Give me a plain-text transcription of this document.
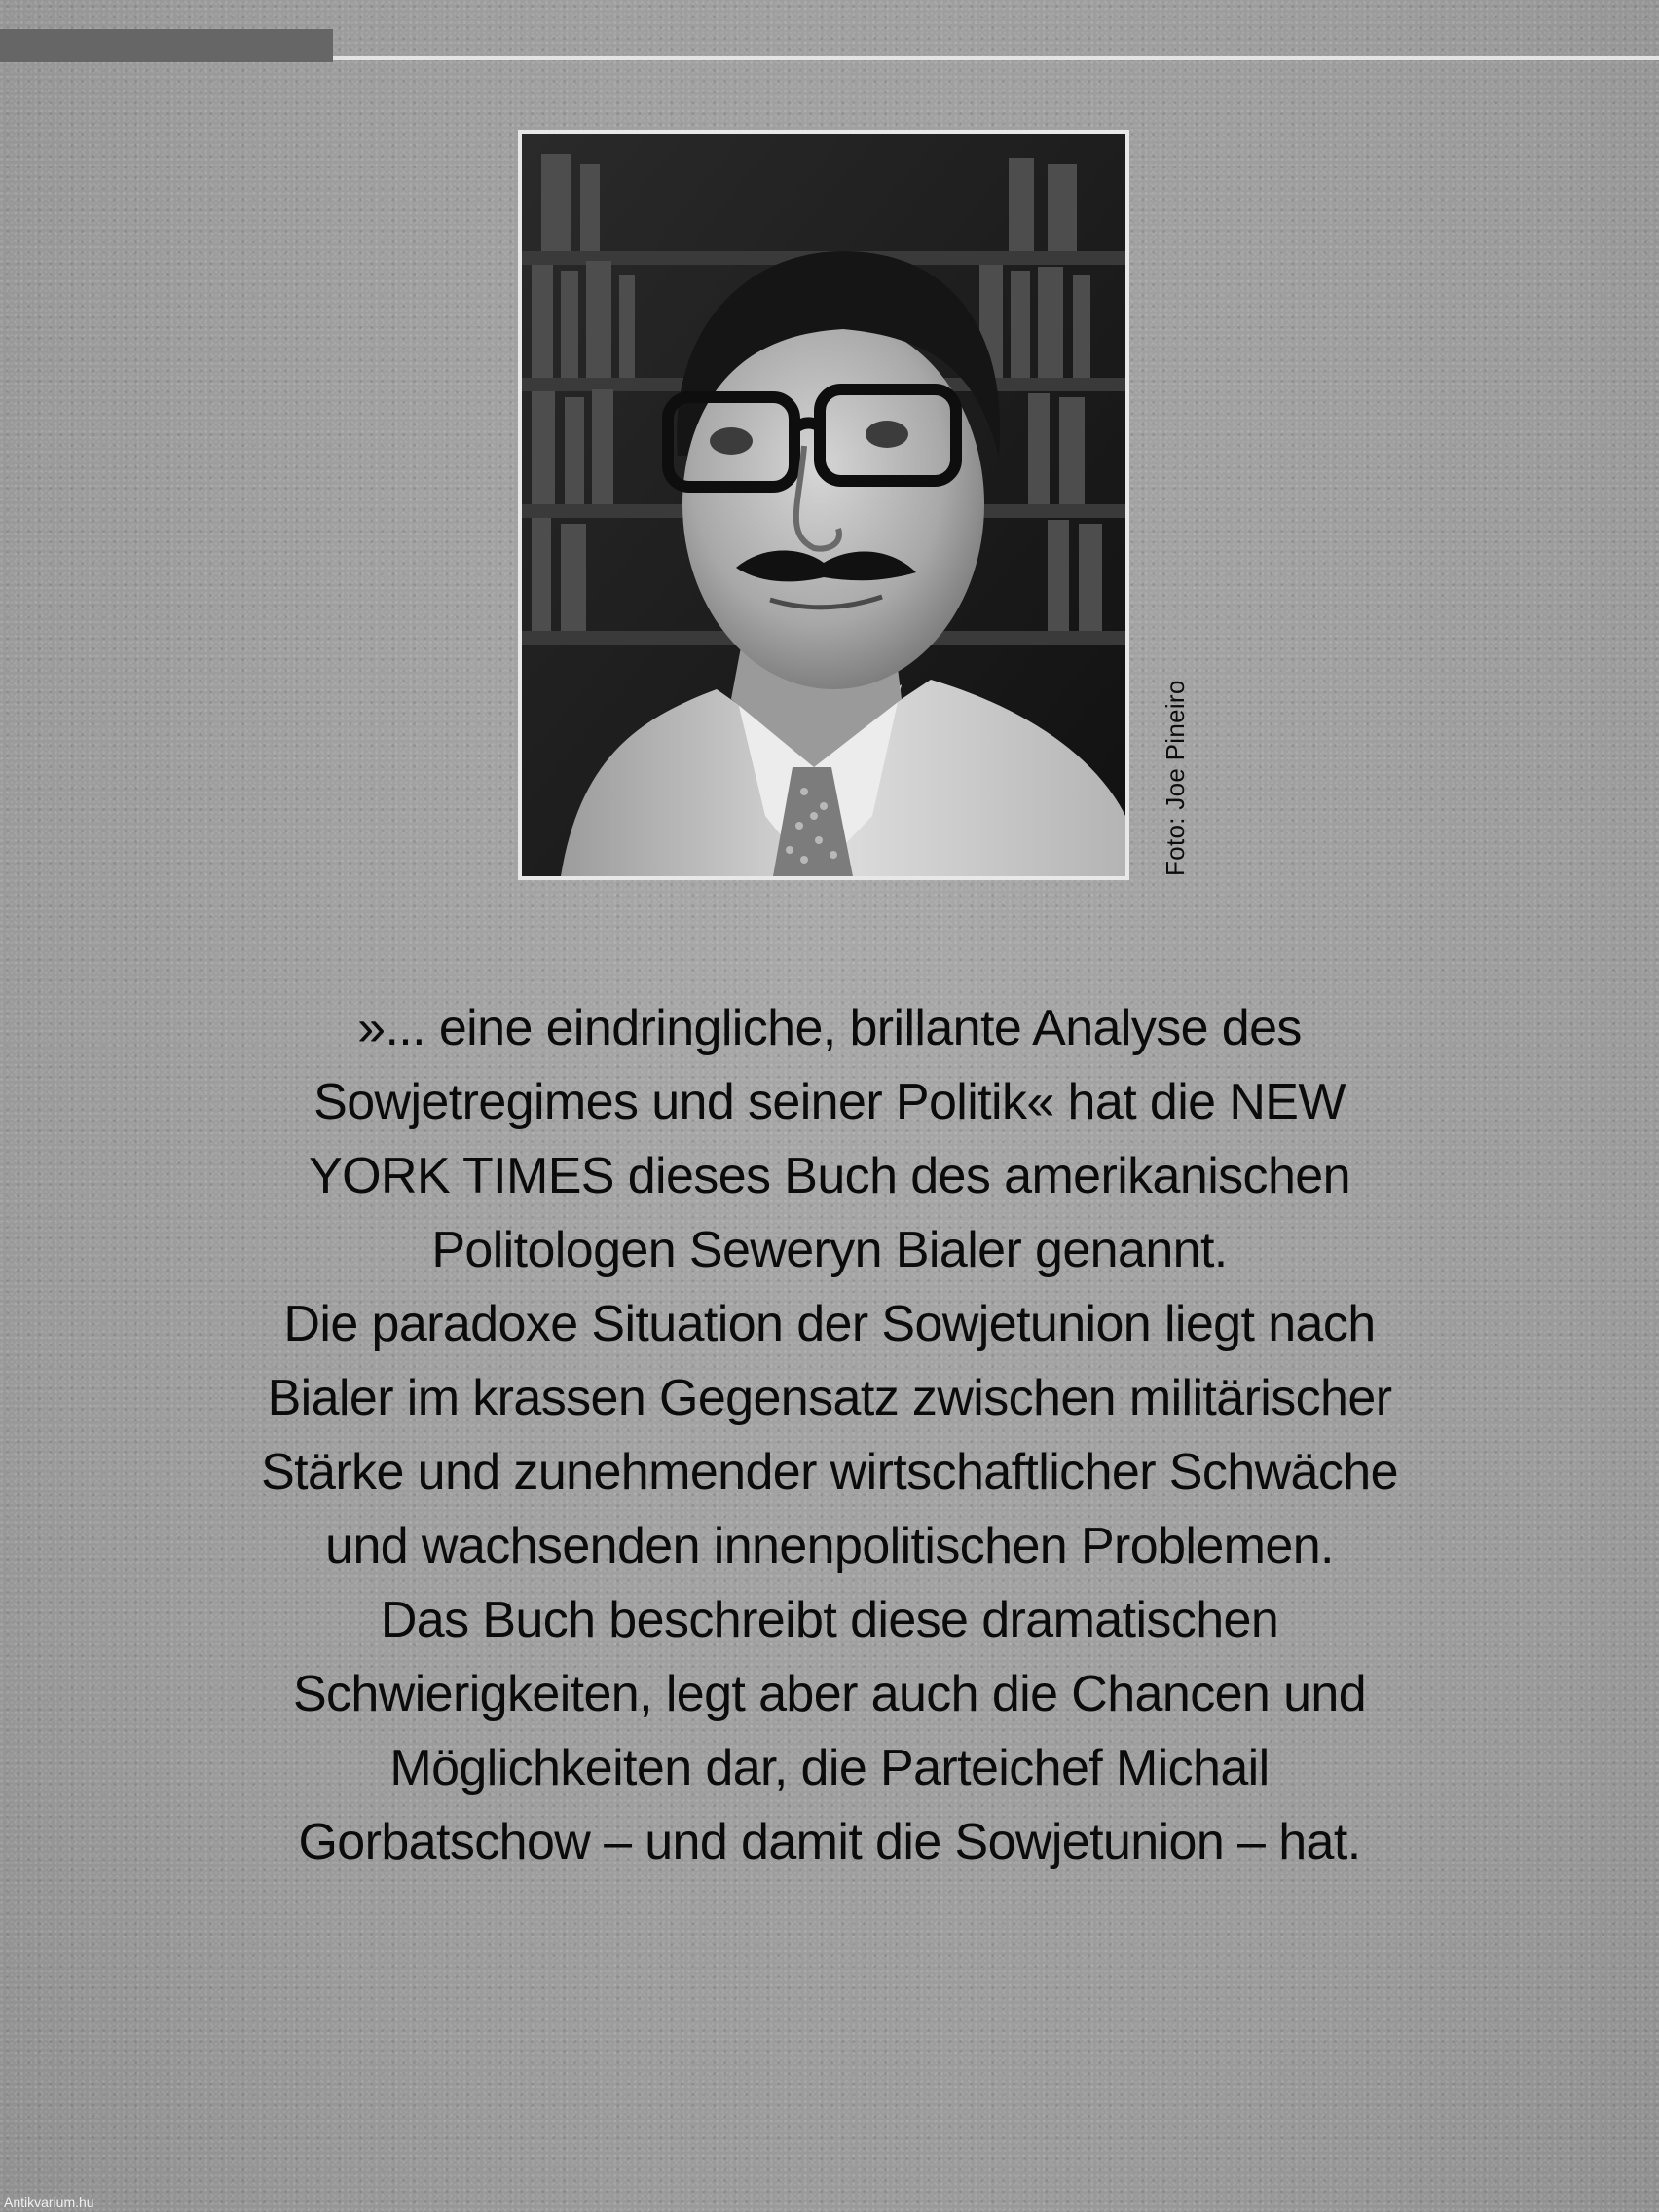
Foto: Joe Pineiro

»... eine eindringliche, brillante Analyse des
Sowjetregimes und seiner Politik« hat die NEW
YORK TIMES dieses Buch des amerikanischen
Politologen Seweryn Bialer genannt.
Die paradoxe Situation der Sowjetunion liegt nach
Bialer im krassen Gegensatz zwischen militärischer
Stärke und zunehmender wirtschaftlicher Schwäche
und wachsenden innenpolitischen Problemen.
Das Buch beschreibt diese dramatischen
Schwierigkeiten, legt aber auch die Chancen und
Möglichkeiten dar, die Parteichef Michail
Gorbatschow – und damit die Sowjetunion – hat.

Antikvarium.hu
